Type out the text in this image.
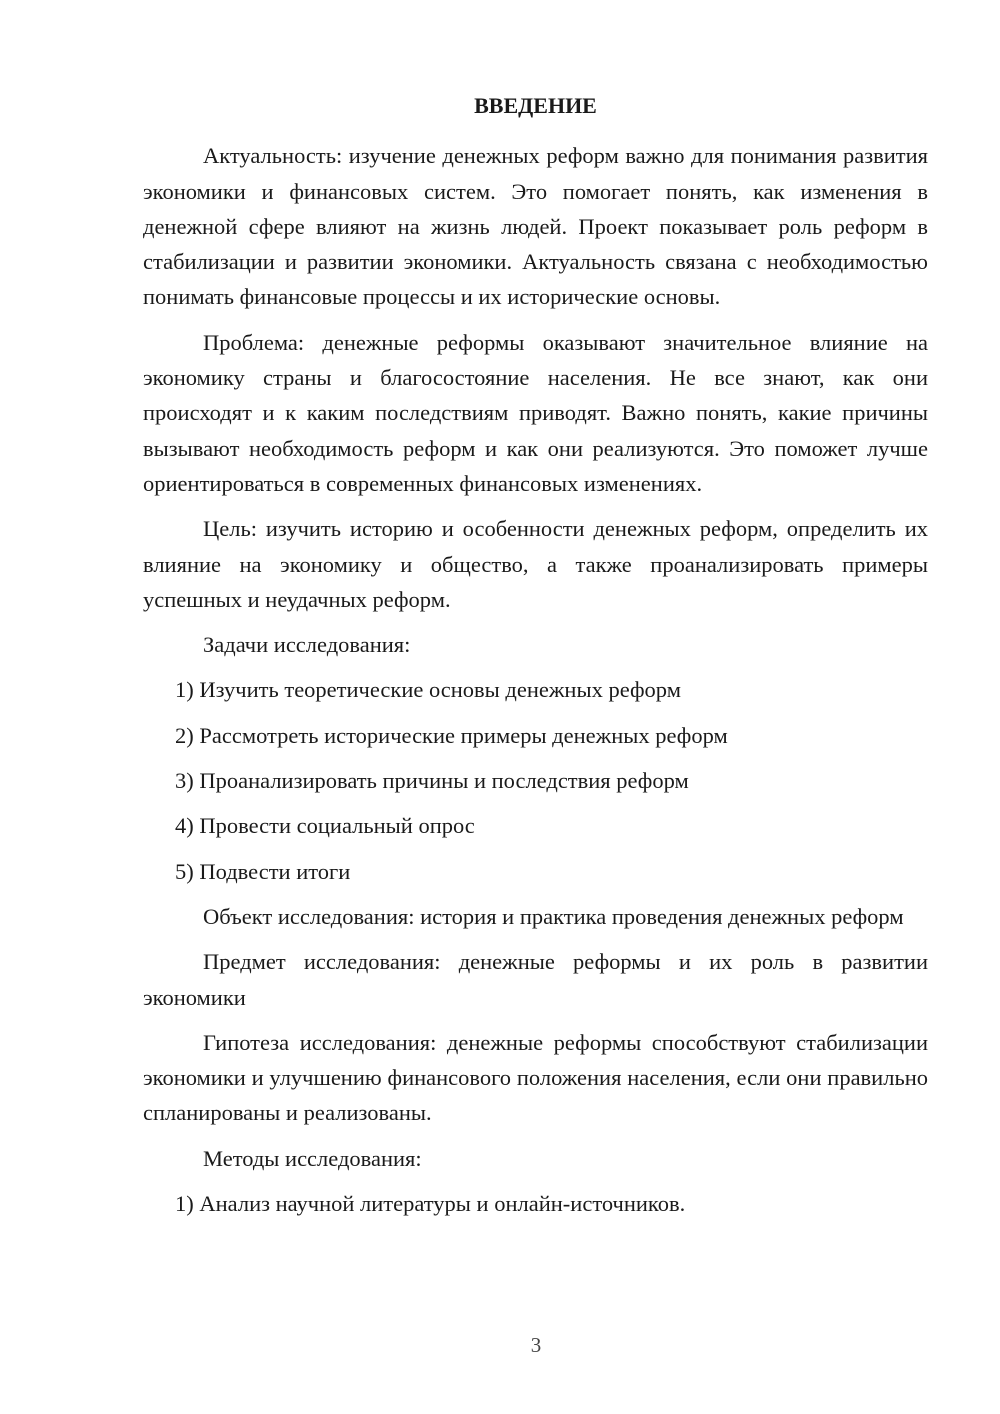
ВВЕДЕНИЕ

Актуальность: изучение денежных реформ важно для понимания развития экономики и финансовых систем. Это помогает понять, как изменения в денежной сфере влияют на жизнь людей. Проект показывает роль реформ в стабилизации и развитии экономики. Актуальность связана с необходимостью понимать финансовые процессы и их исторические основы.

Проблема: денежные реформы оказывают значительное влияние на экономику страны и благосостояние населения. Не все знают, как они происходят и к каким последствиям приводят. Важно понять, какие причины вызывают необходимость реформ и как они реализуются. Это поможет лучше ориентироваться в современных финансовых изменениях.

Цель: изучить историю и особенности денежных реформ, определить их влияние на экономику и общество, а также проанализировать примеры успешных и неудачных реформ.

Задачи исследования:

1) Изучить теоретические основы денежных реформ
2) Рассмотреть исторические примеры денежных реформ
3) Проанализировать причины и последствия реформ
4) Провести социальный опрос
5) Подвести итоги

Объект исследования: история и практика проведения денежных реформ

Предмет исследования: денежные реформы и их роль в развитии экономики

Гипотеза исследования: денежные реформы способствуют стабилизации экономики и улучшению финансового положения населения, если они правильно спланированы и реализованы.

Методы исследования:

1) Анализ научной литературы и онлайн-источников.
3
